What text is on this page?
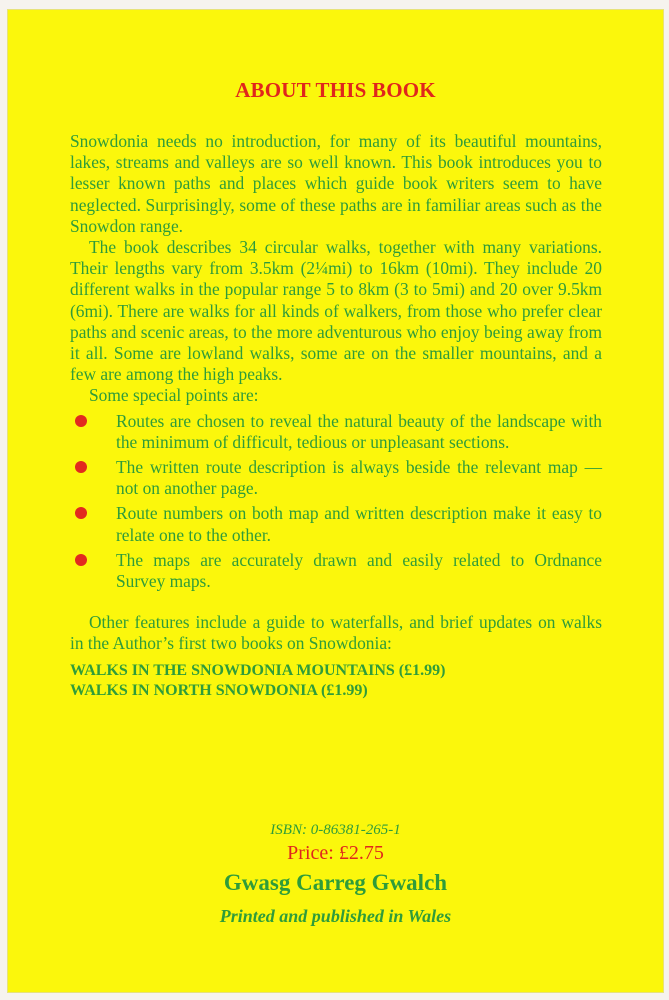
ABOUT THIS BOOK

Snowdonia needs no introduction, for many of its beautiful mountains, lakes, streams and valleys are so well known. This book introduces you to lesser known paths and places which guide book writers seem to have neglected. Surprisingly, some of these paths are in familiar areas such as the Snowdon range.

The book describes 34 circular walks, together with many variations. Their lengths vary from 3.5km (2¼mi) to 16km (10mi). They include 20 different walks in the popular range 5 to 8km (3 to 5mi) and 20 over 9.5km (6mi). There are walks for all kinds of walkers, from those who prefer clear paths and scenic areas, to the more adventurous who enjoy being away from it all. Some are lowland walks, some are on the smaller mountains, and a few are among the high peaks.

Some special points are:

Routes are chosen to reveal the natural beauty of the landscape with the minimum of difficult, tedious or unpleasant sections.
The written route description is always beside the relevant map — not on another page.
Route numbers on both map and written description make it easy to relate one to the other.
The maps are accurately drawn and easily related to Ordnance Survey maps.

Other features include a guide to waterfalls, and brief updates on walks in the Author’s first two books on Snowdonia:

WALKS IN THE SNOWDONIA MOUNTAINS (£1.99)
WALKS IN NORTH SNOWDONIA (£1.99)
ISBN: 0-86381-265-1
Price: £2.75
Gwasg Carreg Gwalch
Printed and published in Wales
